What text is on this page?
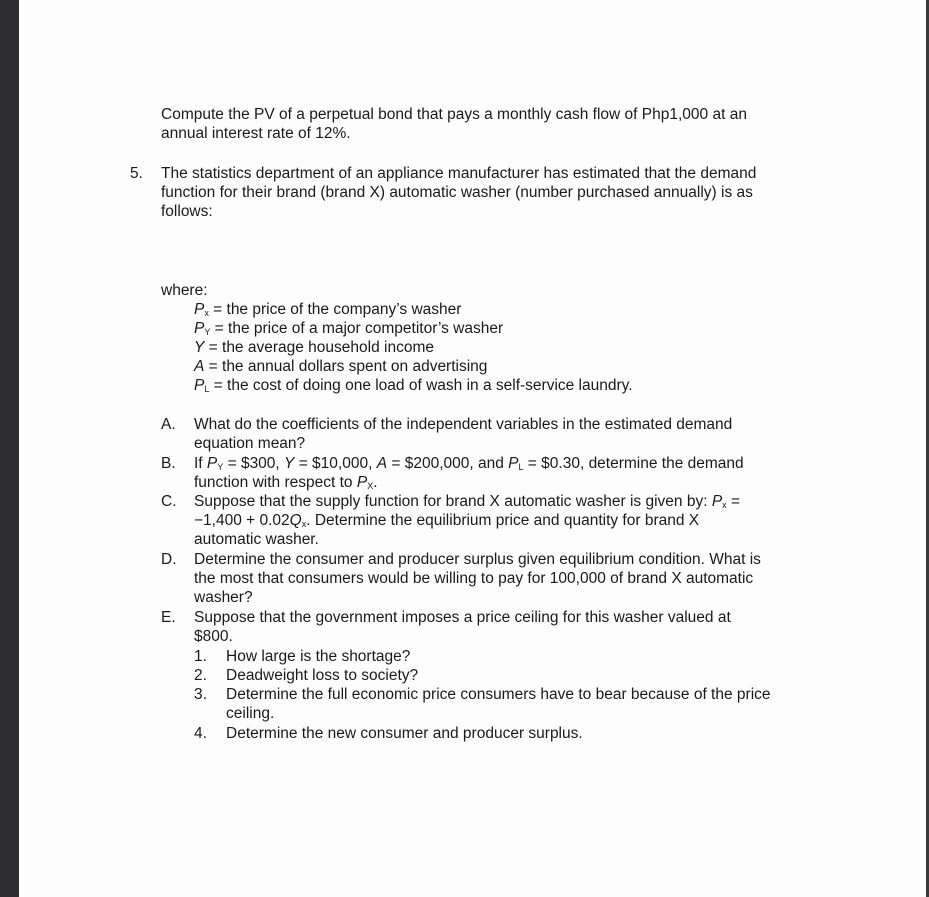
Compute the PV of a perpetual bond that pays a monthly cash flow of Php1,000 at an
annual interest rate of 12%.
5. The statistics department of an appliance manufacturer has estimated that the demand
function for their brand (brand X) automatic washer (number purchased annually) is as
follows:
where:
$P_x$ = the price of the company’s washer
$P_Y$ = the price of a major competitor’s washer
Y = the average household income
A = the annual dollars spent on advertising
$P_L$ = the cost of doing one load of wash in a self-service laundry.
A. What do the coefficients of the independent variables in the estimated demand
equation mean?
B. If $P_Y$ = $300, Y = $10,000, A = $200,000, and $P_L$ = $0.30, determine the demand
function with respect to $P_X$.
C. Suppose that the supply function for brand X automatic washer is given by: $P_x$ =
$-1,400 + 0.02Q_x$. Determine the equilibrium price and quantity for brand X
automatic washer.
D. Determine the consumer and producer surplus given equilibrium condition. What is
the most that consumers would be willing to pay for 100,000 of brand X automatic
washer?
E. Suppose that the government imposes a price ceiling for this washer valued at
$800.
1. How large is the shortage?
2. Deadweight loss to society?
3. Determine the full economic price consumers have to bear because of the price
ceiling.
4. Determine the new consumer and producer surplus.
